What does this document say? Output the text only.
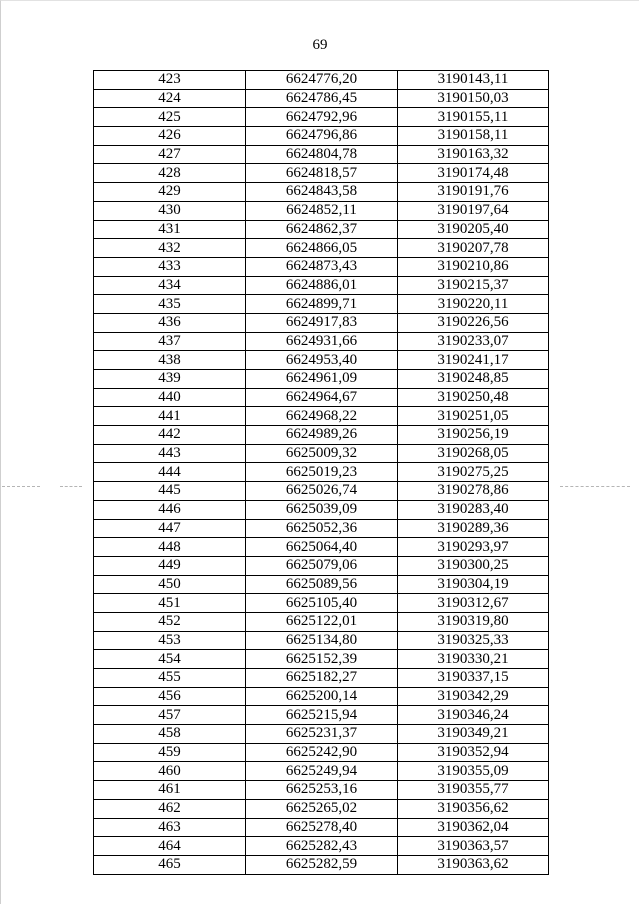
69
423	6624776,20	3190143,11
424	6624786,45	3190150,03
425	6624792,96	3190155,11
426	6624796,86	3190158,11
427	6624804,78	3190163,32
428	6624818,57	3190174,48
429	6624843,58	3190191,76
430	6624852,11	3190197,64
431	6624862,37	3190205,40
432	6624866,05	3190207,78
433	6624873,43	3190210,86
434	6624886,01	3190215,37
435	6624899,71	3190220,11
436	6624917,83	3190226,56
437	6624931,66	3190233,07
438	6624953,40	3190241,17
439	6624961,09	3190248,85
440	6624964,67	3190250,48
441	6624968,22	3190251,05
442	6624989,26	3190256,19
443	6625009,32	3190268,05
444	6625019,23	3190275,25
445	6625026,74	3190278,86
446	6625039,09	3190283,40
447	6625052,36	3190289,36
448	6625064,40	3190293,97
449	6625079,06	3190300,25
450	6625089,56	3190304,19
451	6625105,40	3190312,67
452	6625122,01	3190319,80
453	6625134,80	3190325,33
454	6625152,39	3190330,21
455	6625182,27	3190337,15
456	6625200,14	3190342,29
457	6625215,94	3190346,24
458	6625231,37	3190349,21
459	6625242,90	3190352,94
460	6625249,94	3190355,09
461	6625253,16	3190355,77
462	6625265,02	3190356,62
463	6625278,40	3190362,04
464	6625282,43	3190363,57
465	6625282,59	3190363,62
